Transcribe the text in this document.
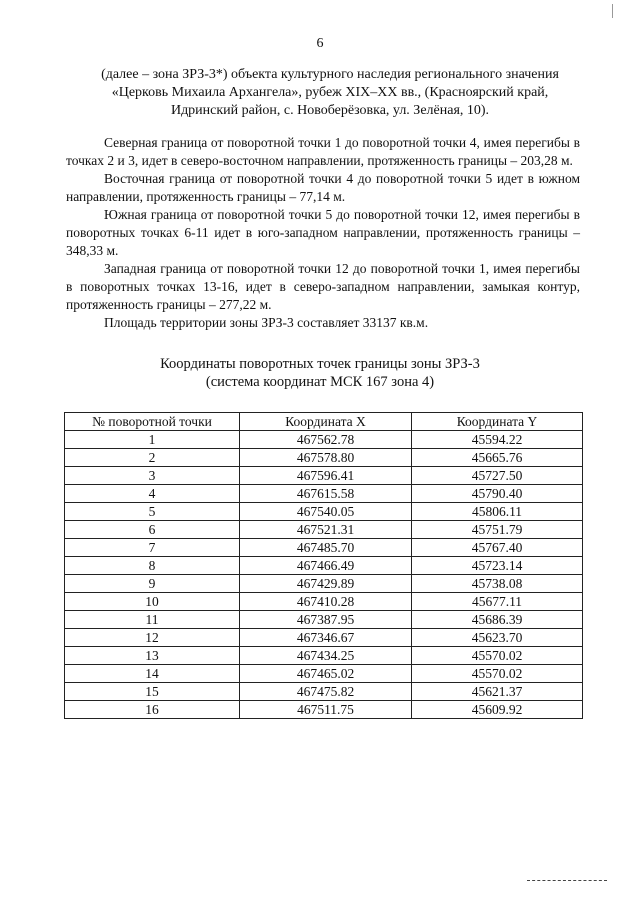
6
(далее – зона ЗРЗ-3*) объекта культурного наследия регионального значения
«Церковь Михаила Архангела», рубеж XIX–XX вв., (Красноярский край,
Идринский район, с. Новоберёзовка, ул. Зелёная, 10).

Северная граница от поворотной точки 1 до поворотной точки 4, имея перегибы в точках 2 и 3, идет в северо-восточном направлении, протяженность границы – 203,28 м.

Восточная граница от поворотной точки 4 до поворотной точки 5 идет в южном направлении, протяженность границы – 77,14 м.

Южная граница от поворотной точки 5 до поворотной точки 12, имея перегибы в поворотных точках 6-11 идет в юго-западном направлении, протяженность границы – 348,33 м.

Западная граница от поворотной точки 12 до поворотной точки 1, имея перегибы в поворотных точках 13-16, идет в северо-западном направлении, замыкая контур, протяженность границы – 277,22 м.

Площадь территории зоны ЗРЗ-3 составляет 33137 кв.м.

Координаты поворотных точек границы зоны ЗРЗ-3
(система координат МСК 167 зона 4)
№ поворотной точки	Координата X	Координата Y
1	467562.78	45594.22
2	467578.80	45665.76
3	467596.41	45727.50
4	467615.58	45790.40
5	467540.05	45806.11
6	467521.31	45751.79
7	467485.70	45767.40
8	467466.49	45723.14
9	467429.89	45738.08
10	467410.28	45677.11
11	467387.95	45686.39
12	467346.67	45623.70
13	467434.25	45570.02
14	467465.02	45570.02
15	467475.82	45621.37
16	467511.75	45609.92
